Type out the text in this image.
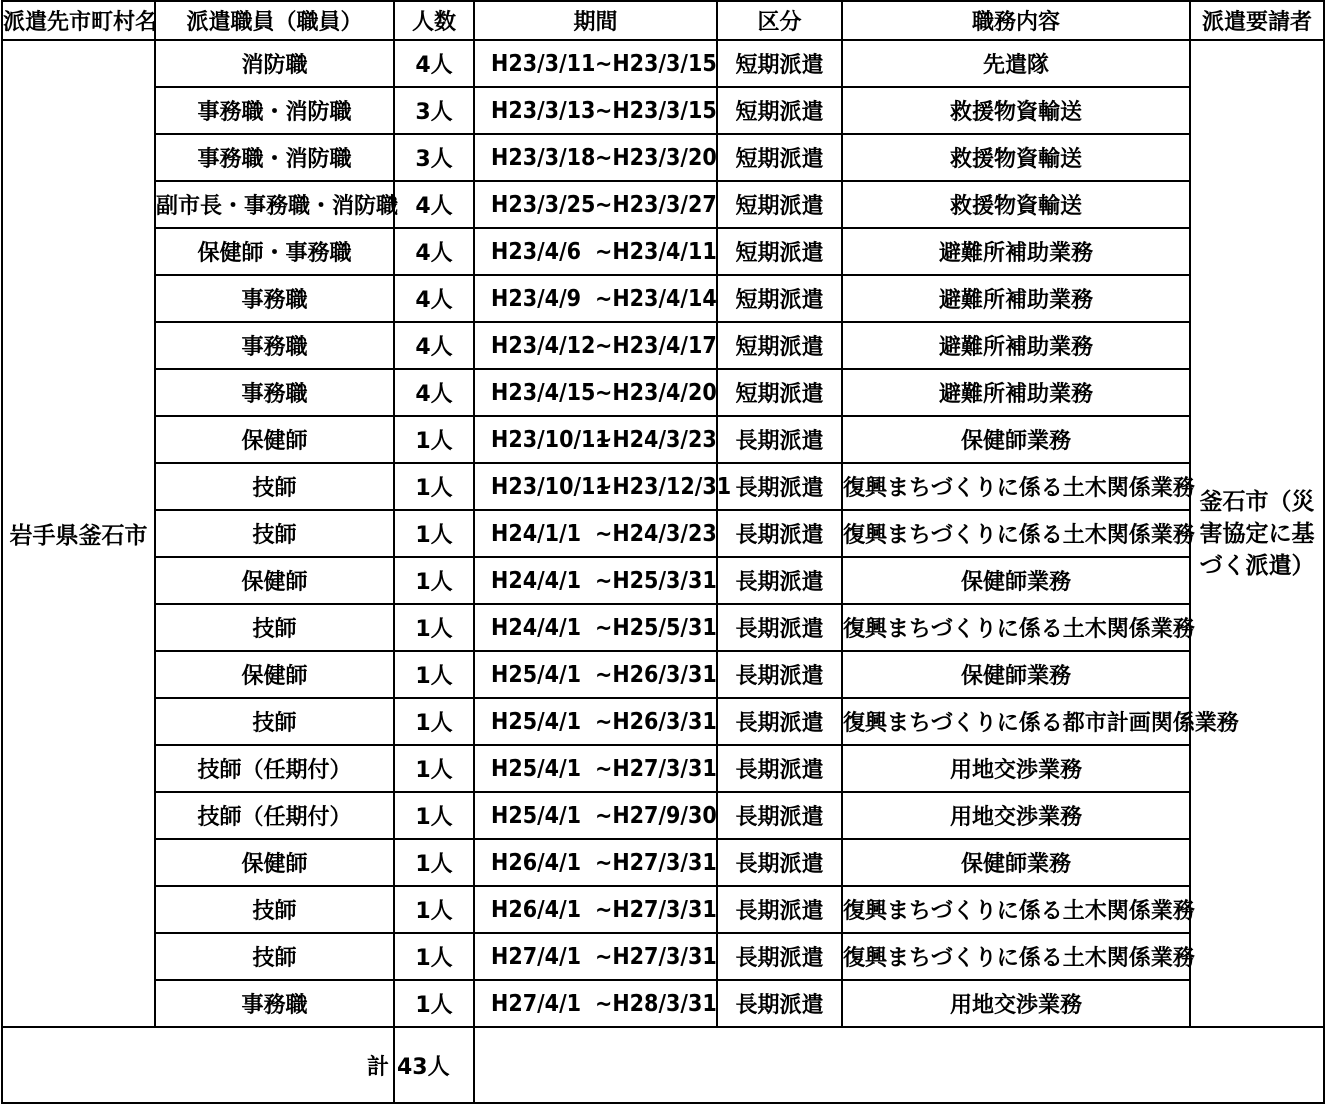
派遣先市町村名	派遣職員（職員）	人数	期間	区分	職務内容	派遣要請者
岩手県釜石市	消防職	4人	H23/3/11~H23/3/15	短期派遣	先遣隊	釜石市（災害協定に基づく派遣）
	事務職・消防職	3人	H23/3/13~H23/3/15	短期派遣	救援物資輸送	
	事務職・消防職	3人	H23/3/18~H23/3/20	短期派遣	救援物資輸送	
	副市長・事務職・消防職	4人	H23/3/25~H23/3/27	短期派遣	救援物資輸送	
	保健師・事務職	4人	H23/4/6 ~H23/4/11	短期派遣	避難所補助業務	
	事務職	4人	H23/4/9 ~H23/4/14	短期派遣	避難所補助業務	
	事務職	4人	H23/4/12~H23/4/17	短期派遣	避難所補助業務	
	事務職	4人	H23/4/15~H23/4/20	短期派遣	避難所補助業務	
	保健師	1人	H23/10/11~H24/3/23	長期派遣	保健師業務	
	技師	1人	H23/10/11~H23/12/31	長期派遣	復興まちづくりに係る土木関係業務	
	技師	1人	H24/1/1 ~H24/3/23	長期派遣	復興まちづくりに係る土木関係業務	
	保健師	1人	H24/4/1 ~H25/3/31	長期派遣	保健師業務	
	技師	1人	H24/4/1 ~H25/5/31	長期派遣	復興まちづくりに係る土木関係業務	
	保健師	1人	H25/4/1 ~H26/3/31	長期派遣	保健師業務	
	技師	1人	H25/4/1 ~H26/3/31	長期派遣	復興まちづくりに係る都市計画関係業務	
	技師（任期付）	1人	H25/4/1 ~H27/3/31	長期派遣	用地交渉業務	
	技師（任期付）	1人	H25/4/1 ~H27/9/30	長期派遣	用地交渉業務	
	保健師	1人	H26/4/1 ~H27/3/31	長期派遣	保健師業務	
	技師	1人	H26/4/1 ~H27/3/31	長期派遣	復興まちづくりに係る土木関係業務	
	技師	1人	H27/4/1 ~H27/3/31	長期派遣	復興まちづくりに係る土木関係業務	
	事務職	1人	H27/4/1 ~H28/3/31	長期派遣	用地交渉業務	
計		43人				
